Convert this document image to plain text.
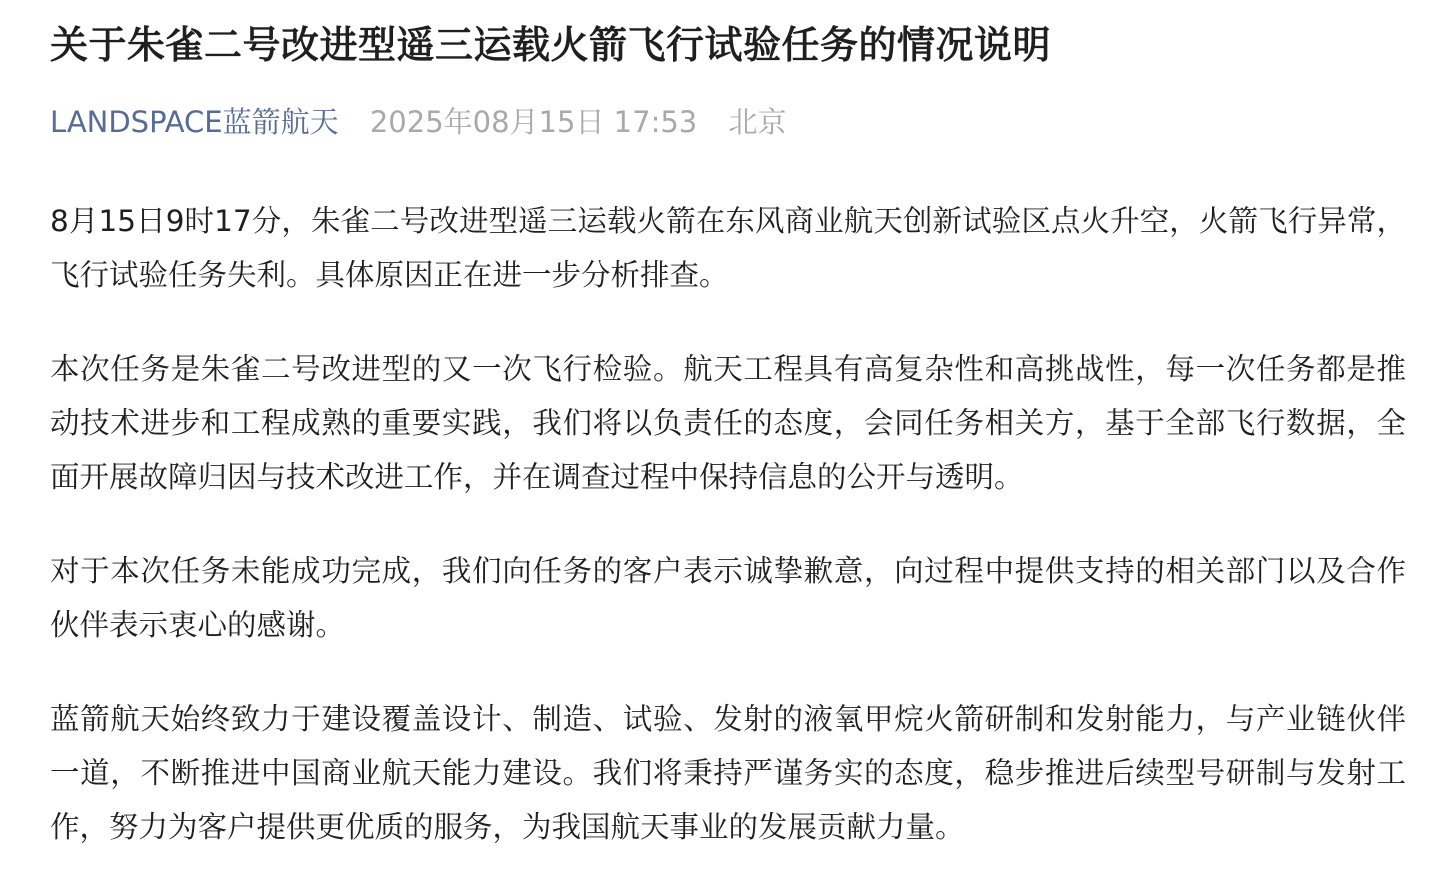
关于朱雀二号改进型遥三运载火箭飞行试验任务的情况说明
LANDSPACE蓝箭航天 2025年08月15日 17:53 北京

8月15日9时17分，朱雀二号改进型遥三运载火箭在东风商业航天创新试验区点火升空，火箭飞行异常，飞行试验任务失利。具体原因正在进一步分析排查。

本次任务是朱雀二号改进型的又一次飞行检验。航天工程具有高复杂性和高挑战性，每一次任务都是推动技术进步和工程成熟的重要实践，我们将以负责任的态度，会同任务相关方，基于全部飞行数据，全面开展故障归因与技术改进工作，并在调查过程中保持信息的公开与透明。

对于本次任务未能成功完成，我们向任务的客户表示诚挚歉意，向过程中提供支持的相关部门以及合作伙伴表示衷心的感谢。

蓝箭航天始终致力于建设覆盖设计、制造、试验、发射的液氧甲烷火箭研制和发射能力，与产业链伙伴一道，不断推进中国商业航天能力建设。我们将秉持严谨务实的态度，稳步推进后续型号研制与发射工作，努力为客户提供更优质的服务，为我国航天事业的发展贡献力量。
